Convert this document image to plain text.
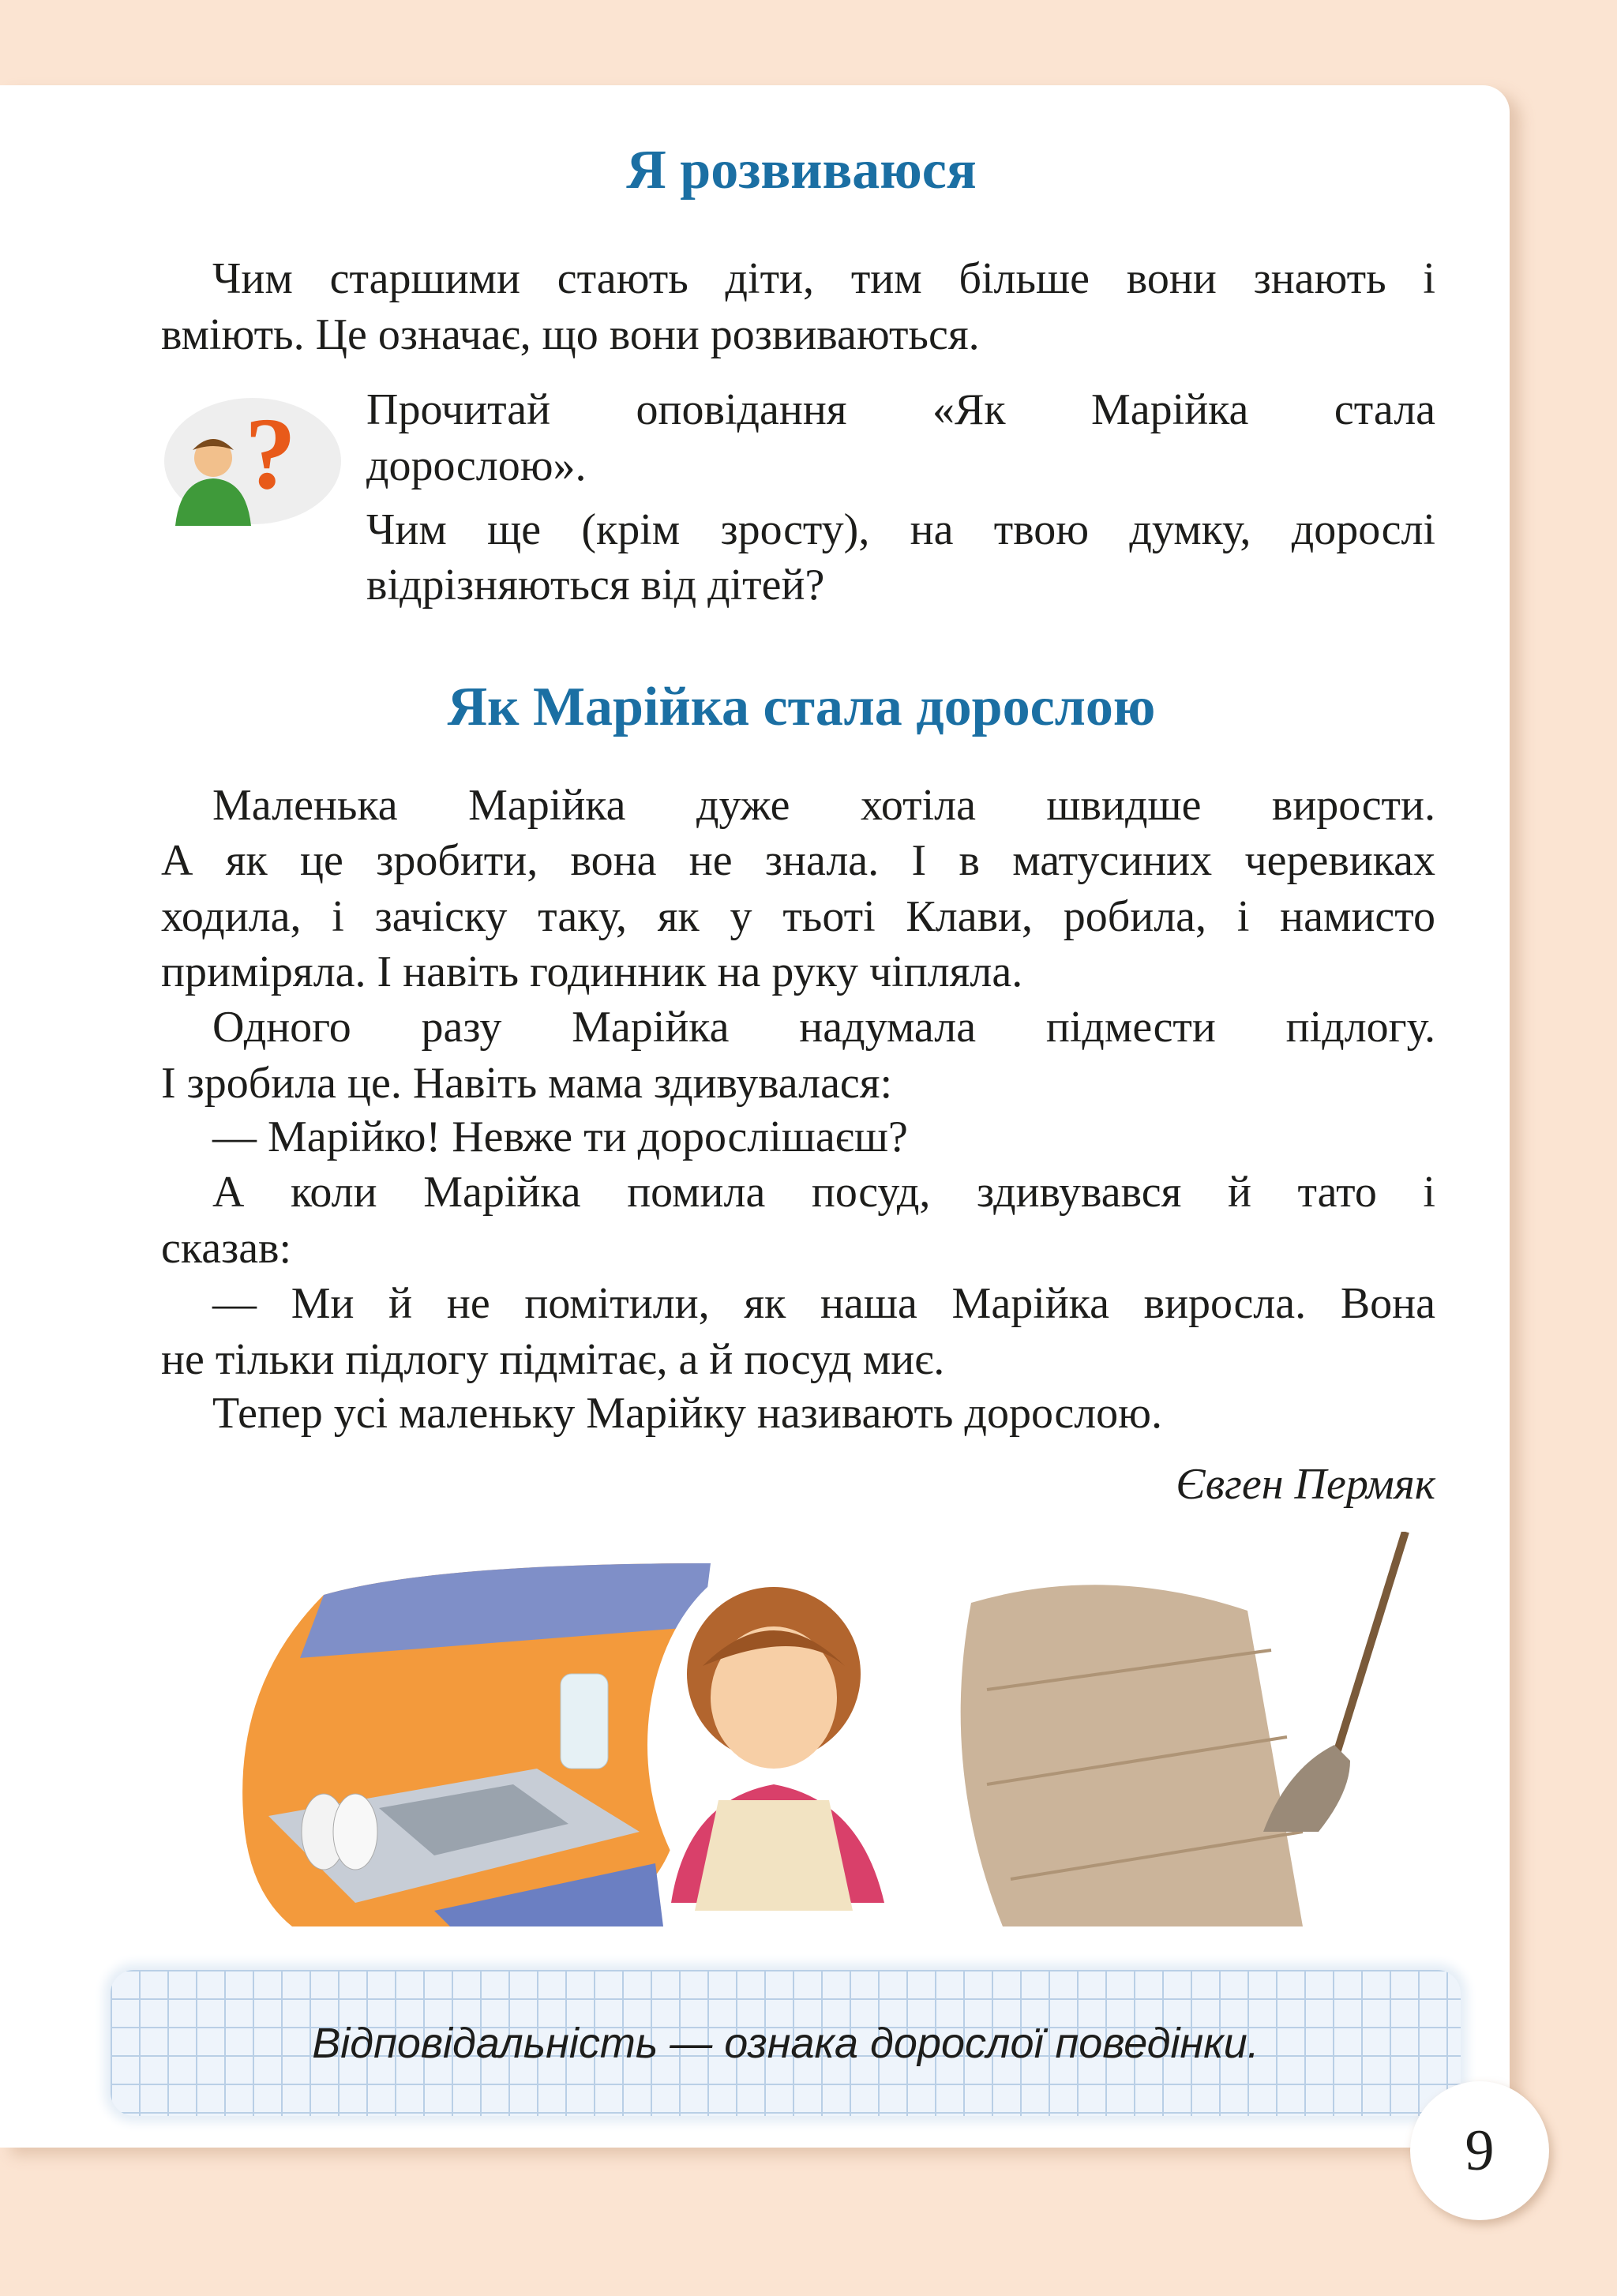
Я розвиваюся
Чим старшими стають діти, тим більше вони знають і
вміють. Це означає, що вони розвиваються.
? Прочитай оповідання «Як Марійка стала
дорослою».
Чим ще (крім зросту), на твою думку, дорослі
відрізняються від дітей?
Як Марійка стала дорослою
Маленька Марійка дуже хотіла швидше вирости.
А як це зробити, вона не знала. І в матусиних черевиках
ходила, і зачіску таку, як у тьоті Клави, робила, і намисто
приміряла. І навіть годинник на руку чіпляла.
Одного разу Марійка надумала підмести підлогу.
І зробила це. Навіть мама здивувалася:
— Марійко! Невже ти дорослішаєш?
А коли Марійка помила посуд, здивувався й тато і
сказав:
— Ми й не помітили, як наша Марійка виросла. Вона
не тільки підлогу підмітає, а й посуд миє.
Тепер усі маленьку Марійку називають дорослою.
Євген Пермяк
Відповідальність — ознака дорослої поведінки.
9
